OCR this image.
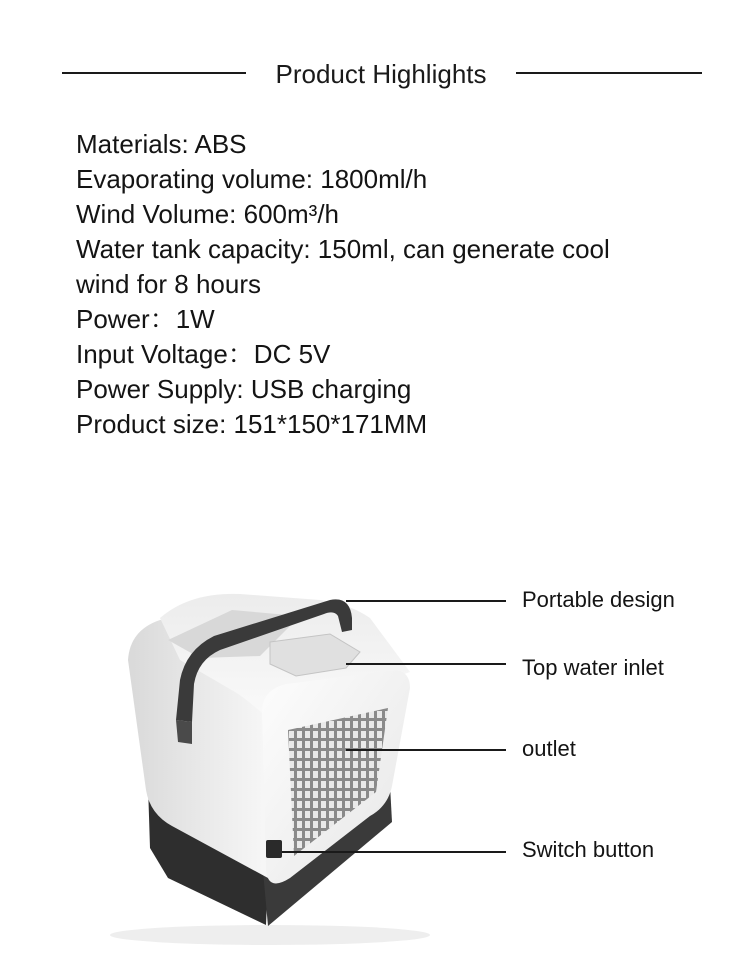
Product Highlights
Materials: ABS
Evaporating volume: 1800ml/h
Wind Volume: 600m³/h
Water tank capacity: 150ml, can generate cool
wind for 8 hours
Power：1W
Input Voltage：DC 5V
Power Supply: USB charging
Product size: 151*150*171MM
Portable design
Top water inlet
outlet
Switch button
